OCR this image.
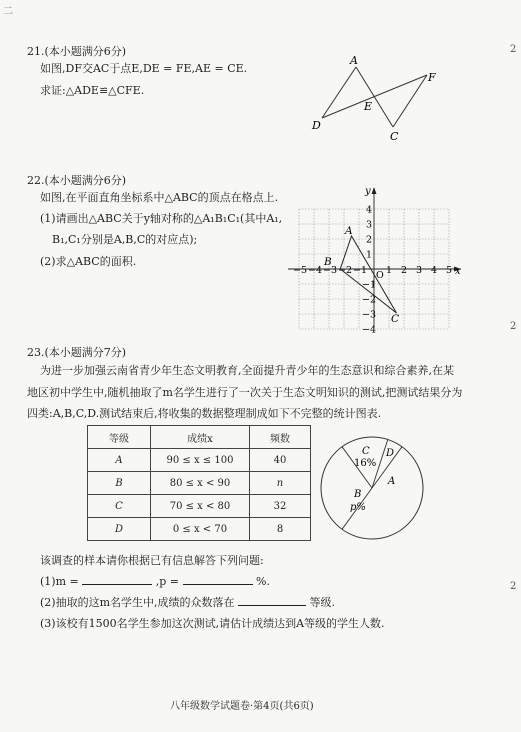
二
2
2
2
21.(本小题满分6分)
如图,DF交AC于点E,DE = FE,AE = CE.
求证:△ADE≌△CFE.
A
F
E
D
C
22.(本小题满分6分)
如图,在平面直角坐标系中△ABC的顶点在格点上.
(1)请画出△ABC关于y轴对称的△A₁B₁C₁(其中A₁,
B₁,C₁分别是A,B,C的对应点);
(2)求△ABC的面积.
x
y
O
−5 −4 −3 −2 −1 1 2 3 4 5
4
3
2
1
−1
−2
−3
−4
A
B
C
23.(本小题满分7分)
为进一步加强云南省青少年生态文明教育,全面提升青少年的生态意识和综合素养,在某
地区初中学生中,随机抽取了m名学生进行了一次关于生态文明知识的测试,把测试结果分为
四类:A,B,C,D.测试结束后,将收集的数据整理制成如下不完整的统计图表.
等级	成绩x	频数
A	90 ≤ x ≤ 100	40
B	80 ≤ x < 90	n
C	70 ≤ x < 80	32
D	0 ≤ x < 70	8
C
16%
D
A
B
p%
该调查的样本请你根据已有信息解答下列问题:
(1)m =	,p =	%.
(2)抽取的这m名学生中,成绩的众数落在	等级.
(3)该校有1500名学生参加这次测试,请估计成绩达到A等级的学生人数.
八年级数学试题卷·第4页(共6页)
